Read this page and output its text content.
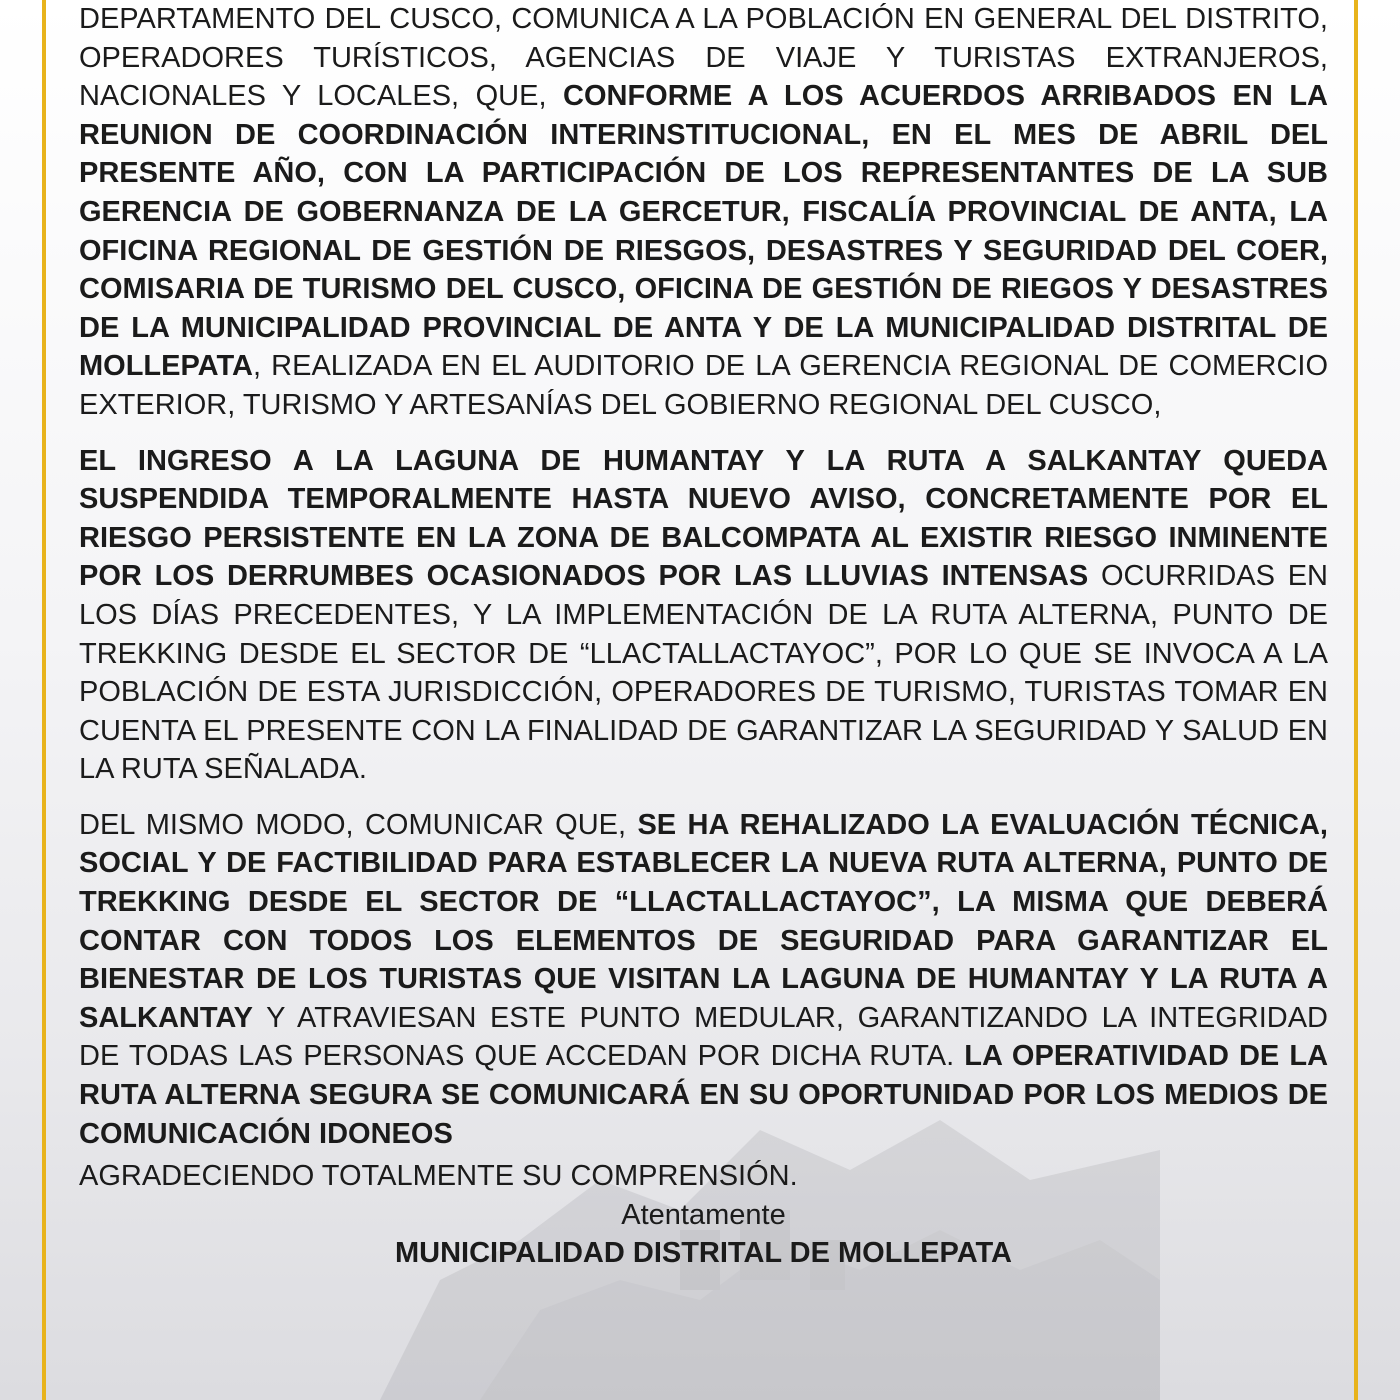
DEPARTAMENTO DEL CUSCO, COMUNICA A LA POBLACIÓN EN GENERAL DEL DISTRITO, OPERADORES TURÍSTICOS, AGENCIAS DE VIAJE Y TURISTAS EXTRANJEROS, NACIONALES Y LOCALES, QUE, CONFORME A LOS ACUERDOS ARRIBADOS EN LA REUNION DE COORDINACIÓN INTERINSTITUCIONAL, EN EL MES DE ABRIL DEL PRESENTE AÑO, CON LA PARTICIPACIÓN DE LOS REPRESENTANTES DE LA SUB GERENCIA DE GOBERNANZA DE LA GERCETUR, FISCALÍA PROVINCIAL DE ANTA, LA OFICINA REGIONAL DE GESTIÓN DE RIESGOS, DESASTRES Y SEGURIDAD DEL COER, COMISARIA DE TURISMO DEL CUSCO, OFICINA DE GESTIÓN DE RIEGOS Y DESASTRES DE LA MUNICIPALIDAD PROVINCIAL DE ANTA Y DE LA MUNICIPALIDAD DISTRITAL DE MOLLEPATA, REALIZADA EN EL AUDITORIO DE LA GERENCIA REGIONAL DE COMERCIO EXTERIOR, TURISMO Y ARTESANÍAS DEL GOBIERNO REGIONAL DEL CUSCO,

EL INGRESO A LA LAGUNA DE HUMANTAY Y LA RUTA A SALKANTAY QUEDA SUSPENDIDA TEMPORALMENTE HASTA NUEVO AVISO, CONCRETAMENTE POR EL RIESGO PERSISTENTE EN LA ZONA DE BALCOMPATA AL EXISTIR RIESGO INMINENTE POR LOS DERRUMBES OCASIONADOS POR LAS LLUVIAS INTENSAS OCURRIDAS EN LOS DÍAS PRECEDENTES, Y LA IMPLEMENTACIÓN DE LA RUTA ALTERNA, PUNTO DE TREKKING DESDE EL SECTOR DE “LLACTALLACTAYOC”, POR LO QUE SE INVOCA A LA POBLACIÓN DE ESTA JURISDICCIÓN, OPERADORES DE TURISMO, TURISTAS TOMAR EN CUENTA EL PRESENTE CON LA FINALIDAD DE GARANTIZAR LA SEGURIDAD Y SALUD EN LA RUTA SEÑALADA.

DEL MISMO MODO, COMUNICAR QUE, SE HA REHALIZADO LA EVALUACIÓN TÉCNICA, SOCIAL Y DE FACTIBILIDAD PARA ESTABLECER LA NUEVA RUTA ALTERNA, PUNTO DE TREKKING DESDE EL SECTOR DE “LLACTALLACTAYOC”, LA MISMA QUE DEBERÁ CONTAR CON TODOS LOS ELEMENTOS DE SEGURIDAD PARA GARANTIZAR EL BIENESTAR DE LOS TURISTAS QUE VISITAN LA LAGUNA DE HUMANTAY Y LA RUTA A SALKANTAY Y ATRAVIESAN ESTE PUNTO MEDULAR, GARANTIZANDO LA INTEGRIDAD DE TODAS LAS PERSONAS QUE ACCEDAN POR DICHA RUTA. LA OPERATIVIDAD DE LA RUTA ALTERNA SEGURA SE COMUNICARÁ EN SU OPORTUNIDAD POR LOS MEDIOS DE COMUNICACIÓN IDONEOS

AGRADECIENDO TOTALMENTE SU COMPRENSIÓN.

Atentamente
MUNICIPALIDAD DISTRITAL DE MOLLEPATA
